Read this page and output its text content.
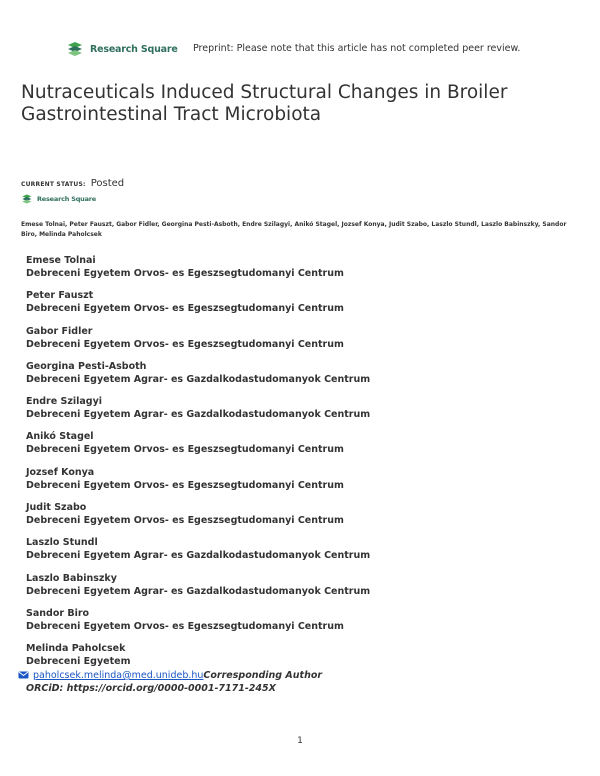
Research Square Preprint: Please note that this article has not completed peer review.
Nutraceuticals Induced Structural Changes in Broiler Gastrointestinal Tract Microbiota
CURRENT STATUS: Posted
Research Square
Emese Tolnai, Peter Fauszt, Gabor Fidler, Georgina Pesti-Asboth, Endre Szilagyi, Anikó Stagel, Jozsef Konya, Judit Szabo, Laszlo Stundl, Laszlo Babinszky, Sandor Biro, Melinda Paholcsek
Emese Tolnai
Debreceni Egyetem Orvos- es Egeszsegtudomanyi Centrum
Peter Fauszt
Debreceni Egyetem Orvos- es Egeszsegtudomanyi Centrum
Gabor Fidler
Debreceni Egyetem Orvos- es Egeszsegtudomanyi Centrum
Georgina Pesti-Asboth
Debreceni Egyetem Agrar- es Gazdalkodastudomanyok Centrum
Endre Szilagyi
Debreceni Egyetem Agrar- es Gazdalkodastudomanyok Centrum
Anikó Stagel
Debreceni Egyetem Orvos- es Egeszsegtudomanyi Centrum
Jozsef Konya
Debreceni Egyetem Orvos- es Egeszsegtudomanyi Centrum
Judit Szabo
Debreceni Egyetem Orvos- es Egeszsegtudomanyi Centrum
Laszlo Stundl
Debreceni Egyetem Agrar- es Gazdalkodastudomanyok Centrum
Laszlo Babinszky
Debreceni Egyetem Agrar- es Gazdalkodastudomanyok Centrum
Sandor Biro
Debreceni Egyetem Orvos- es Egeszsegtudomanyi Centrum
Melinda Paholcsek
Debreceni Egyetem
paholcsek.melinda@med.unideb.huCorresponding Author
ORCiD: https://orcid.org/0000-0001-7171-245X
1
